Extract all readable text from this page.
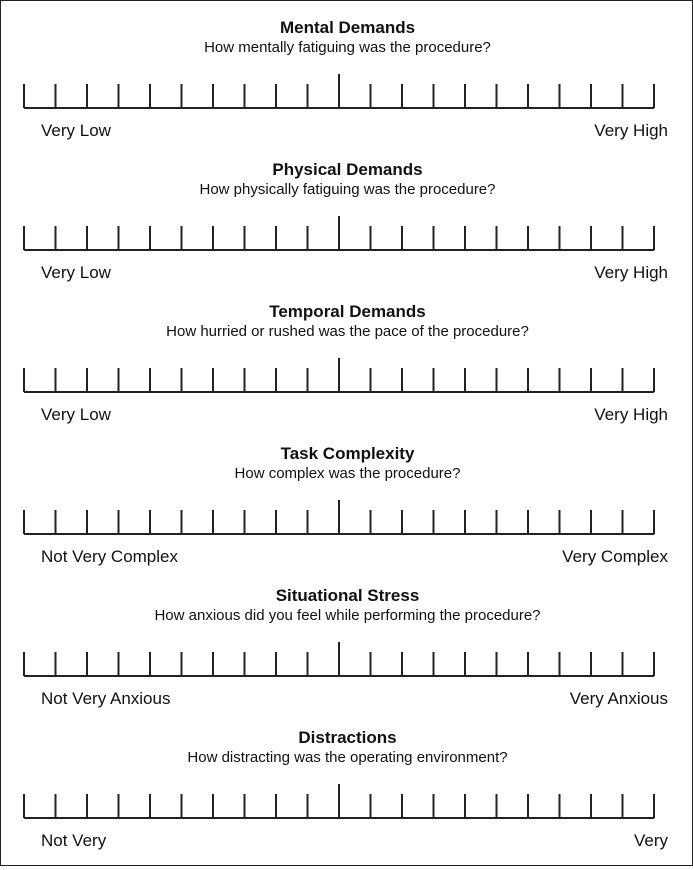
Mental Demands
How mentally fatiguing was the procedure?
Very Low	Very High
Physical Demands
How physically fatiguing was the procedure?
Very Low	Very High
Temporal Demands
How hurried or rushed was the pace of the procedure?
Very Low	Very High
Task Complexity
How complex was the procedure?
Not Very Complex	Very Complex
Situational Stress
How anxious did you feel while performing the procedure?
Not Very Anxious	Very Anxious
Distractions
How distracting was the operating environment?
Not Very	Very
